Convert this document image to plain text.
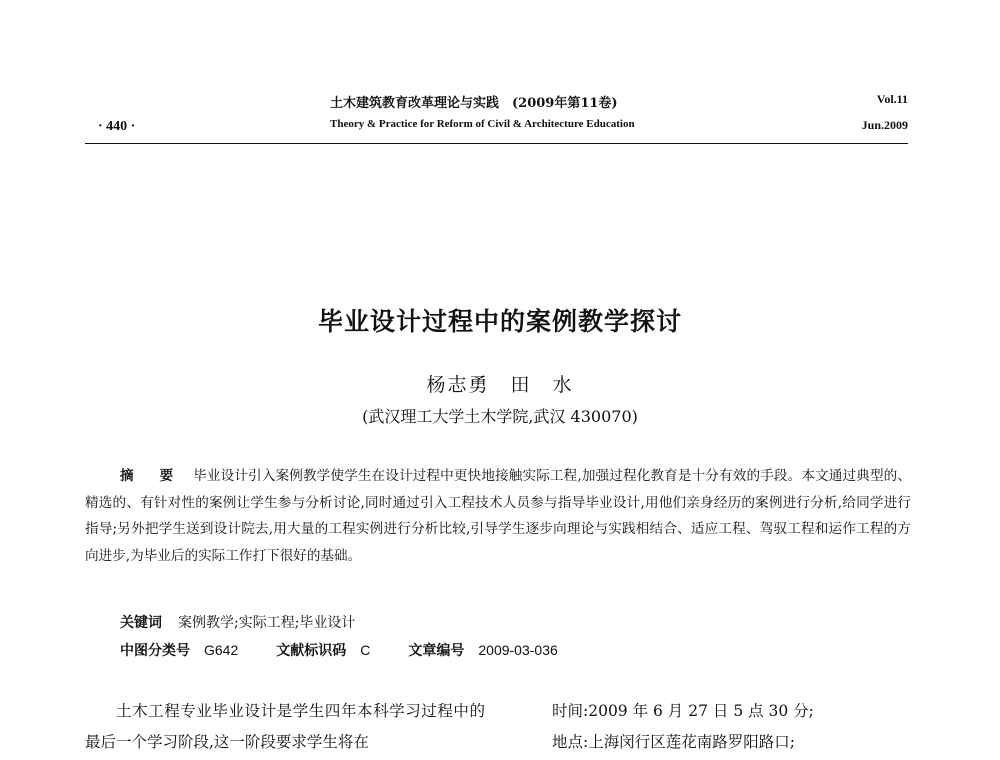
· 440 ·
土木建筑教育改革理论与实践　(2009年第11卷)
Theory & Practice for Reform of Civil & Architecture Education
Vol.11
Jun.2009
毕业设计过程中的案例教学探讨
杨志勇　田　水
(武汉理工大学土木学院,武汉 430070)
摘　要 毕业设计引入案例教学使学生在设计过程中更快地接触实际工程,加强过程化教育是十分有效的手段。本文通过典型的、精选的、有针对性的案例让学生参与分析讨论,同时通过引入工程技术人员参与指导毕业设计,用他们亲身经历的案例进行分析,给同学进行指导;另外把学生送到设计院去,用大量的工程实例进行分析比较,引导学生逐步向理论与实践相结合、适应工程、驾驭工程和运作工程的方向进步,为毕业后的实际工作打下很好的基础。
关键词 案例教学;实际工程;毕业设计
中图分类号 G642	文献标识码 C	文章编号 2009-03-036
土木工程专业毕业设计是学生四年本科学习过程中的最后一个学习阶段,这一阶段要求学生将在
时间:2009 年 6 月 27 日 5 点 30 分;
地点:上海闵行区莲花南路罗阳路口;
